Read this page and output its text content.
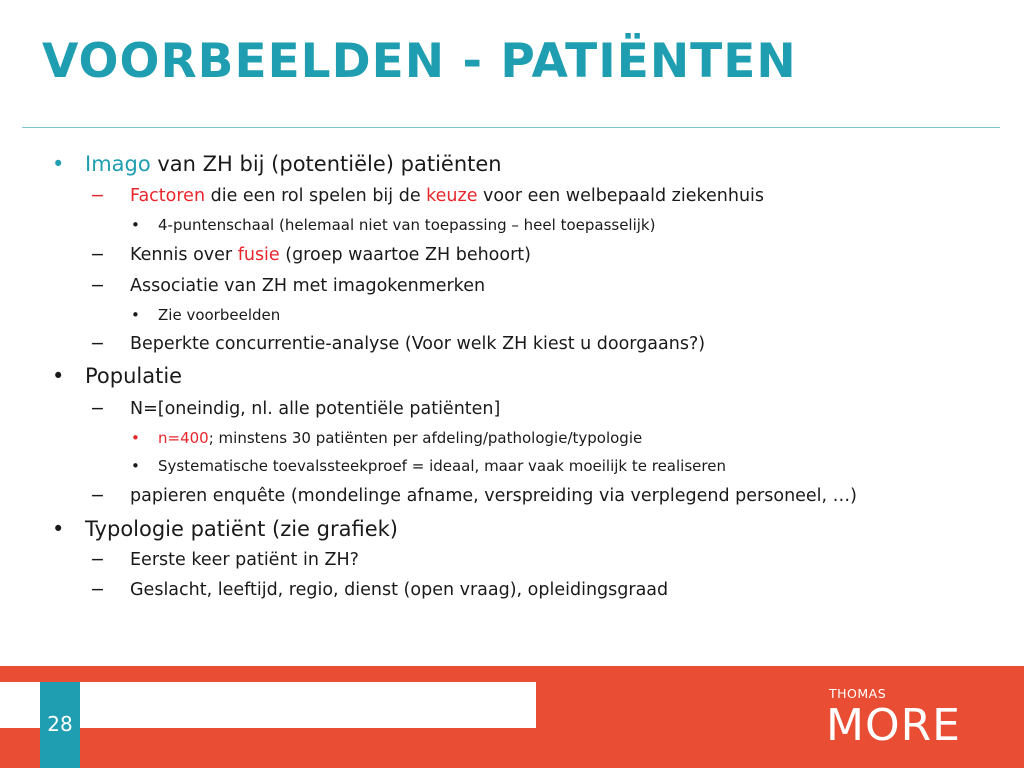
VOORBEELDEN - PATIËNTEN
• Imago van ZH bij (potentiële) patiënten
− Factoren die een rol spelen bij de keuze voor een welbepaald ziekenhuis
• 4-puntenschaal (helemaal niet van toepassing – heel toepasselijk)
− Kennis over fusie (groep waartoe ZH behoort)
− Associatie van ZH met imagokenmerken
• Zie voorbeelden
− Beperkte concurrentie-analyse (Voor welk ZH kiest u doorgaans?)
• Populatie
− N=[oneindig, nl. alle potentiële patiënten]
• n=400; minstens 30 patiënten per afdeling/pathologie/typologie
• Systematische toevalssteekproef = ideaal, maar vaak moeilijk te realiseren
− papieren enquête (mondelinge afname, verspreiding via verplegend personeel, …)
• Typologie patiënt (zie grafiek)
− Eerste keer patiënt in ZH?
− Geslacht, leeftijd, regio, dienst (open vraag), opleidingsgraad
28
THOMAS
MORE
